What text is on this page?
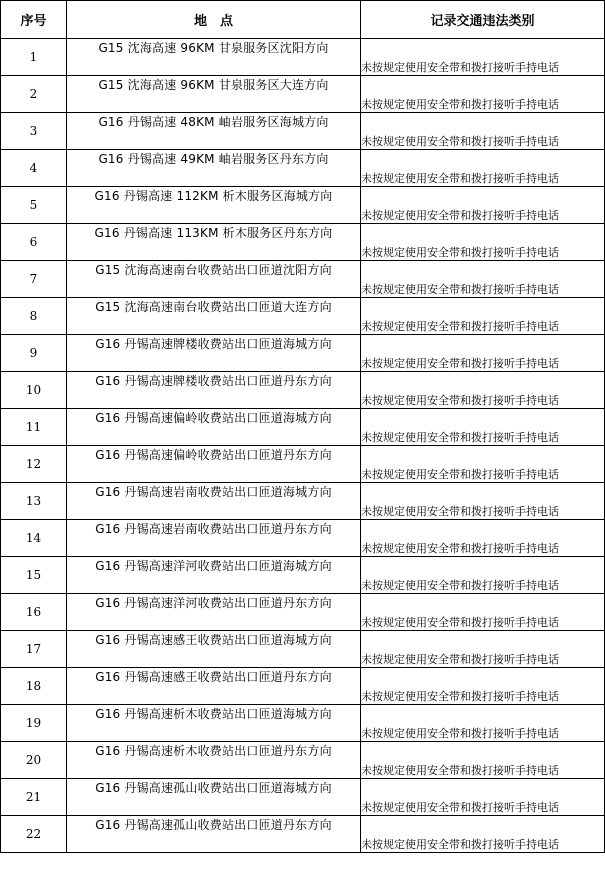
序号	地　点	记录交通违法类别
1	G15 沈海高速 96KM 甘泉服务区沈阳方向	未按规定使用安全带和拨打接听手持电话
2	G15 沈海高速 96KM 甘泉服务区大连方向	未按规定使用安全带和拨打接听手持电话
3	G16 丹锡高速 48KM 岫岩服务区海城方向	未按规定使用安全带和拨打接听手持电话
4	G16 丹锡高速 49KM 岫岩服务区丹东方向	未按规定使用安全带和拨打接听手持电话
5	G16 丹锡高速 112KM 析木服务区海城方向	未按规定使用安全带和拨打接听手持电话
6	G16 丹锡高速 113KM 析木服务区丹东方向	未按规定使用安全带和拨打接听手持电话
7	G15 沈海高速南台收费站出口匝道沈阳方向	未按规定使用安全带和拨打接听手持电话
8	G15 沈海高速南台收费站出口匝道大连方向	未按规定使用安全带和拨打接听手持电话
9	G16 丹锡高速牌楼收费站出口匝道海城方向	未按规定使用安全带和拨打接听手持电话
10	G16 丹锡高速牌楼收费站出口匝道丹东方向	未按规定使用安全带和拨打接听手持电话
11	G16 丹锡高速偏岭收费站出口匝道海城方向	未按规定使用安全带和拨打接听手持电话
12	G16 丹锡高速偏岭收费站出口匝道丹东方向	未按规定使用安全带和拨打接听手持电话
13	G16 丹锡高速岩南收费站出口匝道海城方向	未按规定使用安全带和拨打接听手持电话
14	G16 丹锡高速岩南收费站出口匝道丹东方向	未按规定使用安全带和拨打接听手持电话
15	G16 丹锡高速洋河收费站出口匝道海城方向	未按规定使用安全带和拨打接听手持电话
16	G16 丹锡高速洋河收费站出口匝道丹东方向	未按规定使用安全带和拨打接听手持电话
17	G16 丹锡高速感王收费站出口匝道海城方向	未按规定使用安全带和拨打接听手持电话
18	G16 丹锡高速感王收费站出口匝道丹东方向	未按规定使用安全带和拨打接听手持电话
19	G16 丹锡高速析木收费站出口匝道海城方向	未按规定使用安全带和拨打接听手持电话
20	G16 丹锡高速析木收费站出口匝道丹东方向	未按规定使用安全带和拨打接听手持电话
21	G16 丹锡高速孤山收费站出口匝道海城方向	未按规定使用安全带和拨打接听手持电话
22	G16 丹锡高速孤山收费站出口匝道丹东方向	未按规定使用安全带和拨打接听手持电话
